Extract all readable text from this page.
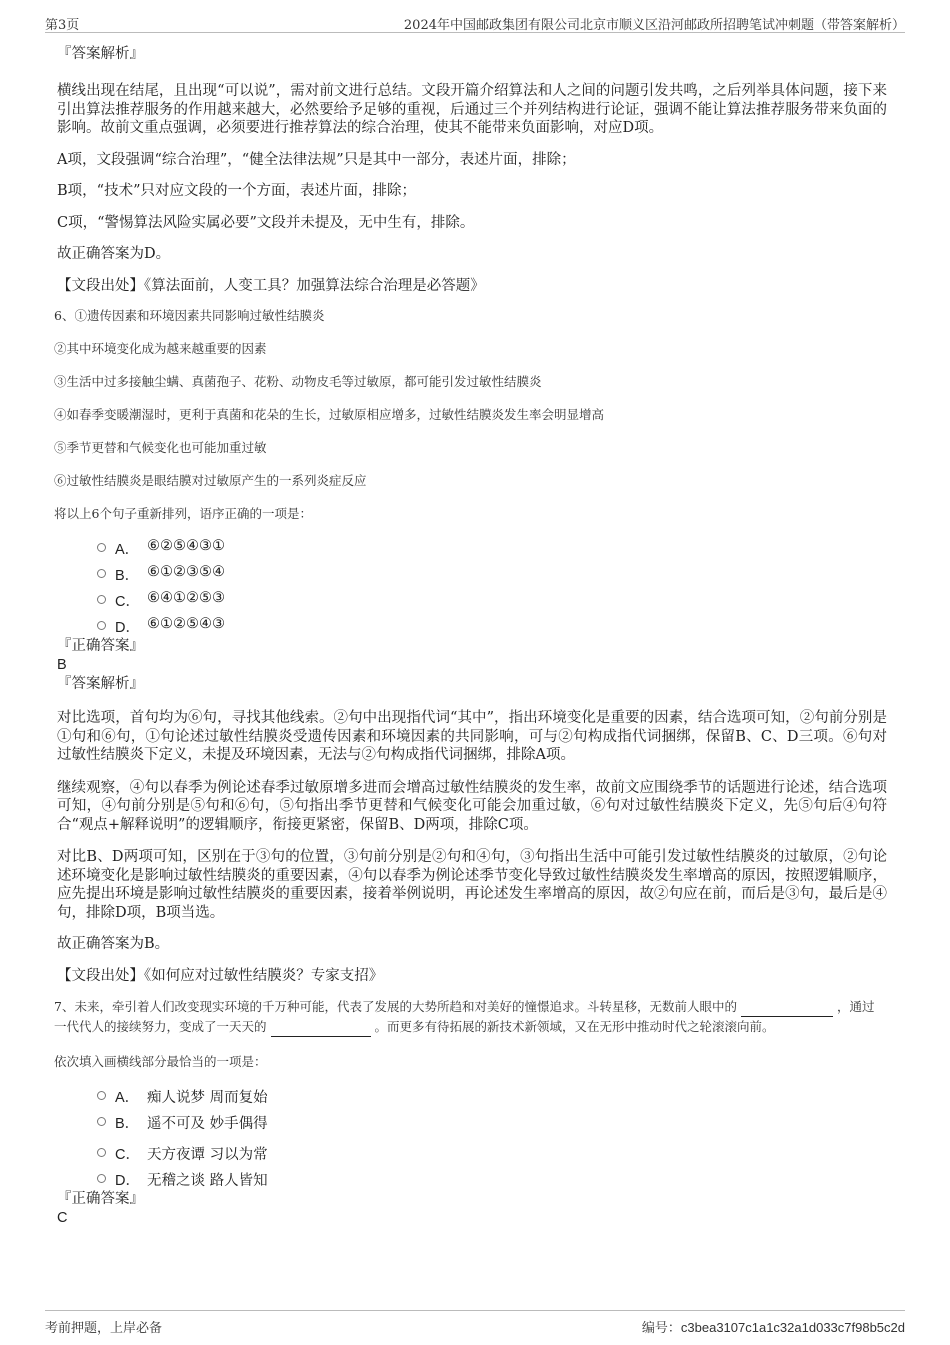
第3页	2024年中国邮政集团有限公司北京市顺义区沿河邮政所招聘笔试冲刺题（带答案解析）

『答案解析』

横线出现在结尾，且出现“可以说”，需对前文进行总结。文段开篇介绍算法和人之间的问题引发共鸣，之后列举具体问题，接下来引出算法推荐服务的作用越来越大，必然要给予足够的重视，后通过三个并列结构进行论证，强调不能让算法推荐服务带来负面的影响。故前文重点强调，必须要进行推荐算法的综合治理，使其不能带来负面影响，对应D项。

A项，文段强调“综合治理”，“健全法律法规”只是其中一部分，表述片面，排除；

B项，“技术”只对应文段的一个方面，表述片面，排除；

C项，“警惕算法风险实属必要”文段并未提及，无中生有，排除。

故正确答案为D。

【文段出处】《算法面前，人变工具？加强算法综合治理是必答题》

6、①遗传因素和环境因素共同影响过敏性结膜炎

②其中环境变化成为越来越重要的因素

③生活中过多接触尘螨、真菌孢子、花粉、动物皮毛等过敏原，都可能引发过敏性结膜炎

④如春季变暖潮湿时，更利于真菌和花朵的生长，过敏原相应增多，过敏性结膜炎发生率会明显增高

⑤季节更替和气候变化也可能加重过敏

⑥过敏性结膜炎是眼结膜对过敏原产生的一系列炎症反应

将以上6个句子重新排列，语序正确的一项是：

A． ⑥②⑤④③①
B． ⑥①②③⑤④
C． ⑥④①②⑤③
D． ⑥①②⑤④③

『正确答案』

B

『答案解析』

对比选项，首句均为⑥句，寻找其他线索。②句中出现指代词“其中”，指出环境变化是重要的因素，结合选项可知，②句前分别是①句和⑥句，①句论述过敏性结膜炎受遗传因素和环境因素的共同影响，可与②句构成指代词捆绑，保留B、C、D三项。⑥句对过敏性结膜炎下定义，未提及环境因素，无法与②句构成指代词捆绑，排除A项。

继续观察，④句以春季为例论述春季过敏原增多进而会增高过敏性结膜炎的发生率，故前文应围绕季节的话题进行论述，结合选项可知，④句前分别是⑤句和⑥句，⑤句指出季节更替和气候变化可能会加重过敏，⑥句对过敏性结膜炎下定义，先⑤句后④句符合“观点+解释说明”的逻辑顺序，衔接更紧密，保留B、D两项，排除C项。

对比B、D两项可知，区别在于③句的位置，③句前分别是②句和④句，③句指出生活中可能引发过敏性结膜炎的过敏原，②句论述环境变化是影响过敏性结膜炎的重要因素，④句以春季为例论述季节变化导致过敏性结膜炎发生率增高的原因，按照逻辑顺序，应先提出环境是影响过敏性结膜炎的重要因素，接着举例说明，再论述发生率增高的原因，故②句应在前，而后是③句，最后是④句，排除D项，B项当选。

故正确答案为B。

【文段出处】《如何应对过敏性结膜炎？专家支招》

7、未来，牵引着人们改变现实环境的千万种可能，代表了发展的大势所趋和对美好的憧憬追求。斗转星移，无数前人眼中的	，通过一代代人的接续努力，变成了一天天的	。而更多有待拓展的新技术新领域，又在无形中推动时代之轮滚滚向前。

依次填入画横线部分最恰当的一项是：

A． 痴人说梦 周而复始
B． 遥不可及 妙手偶得
C． 天方夜谭 习以为常
D． 无稽之谈 路人皆知

『正确答案』

C

考前押题，上岸必备	编号：c3bea3107c1a1c32a1d033c7f98b5c2d
